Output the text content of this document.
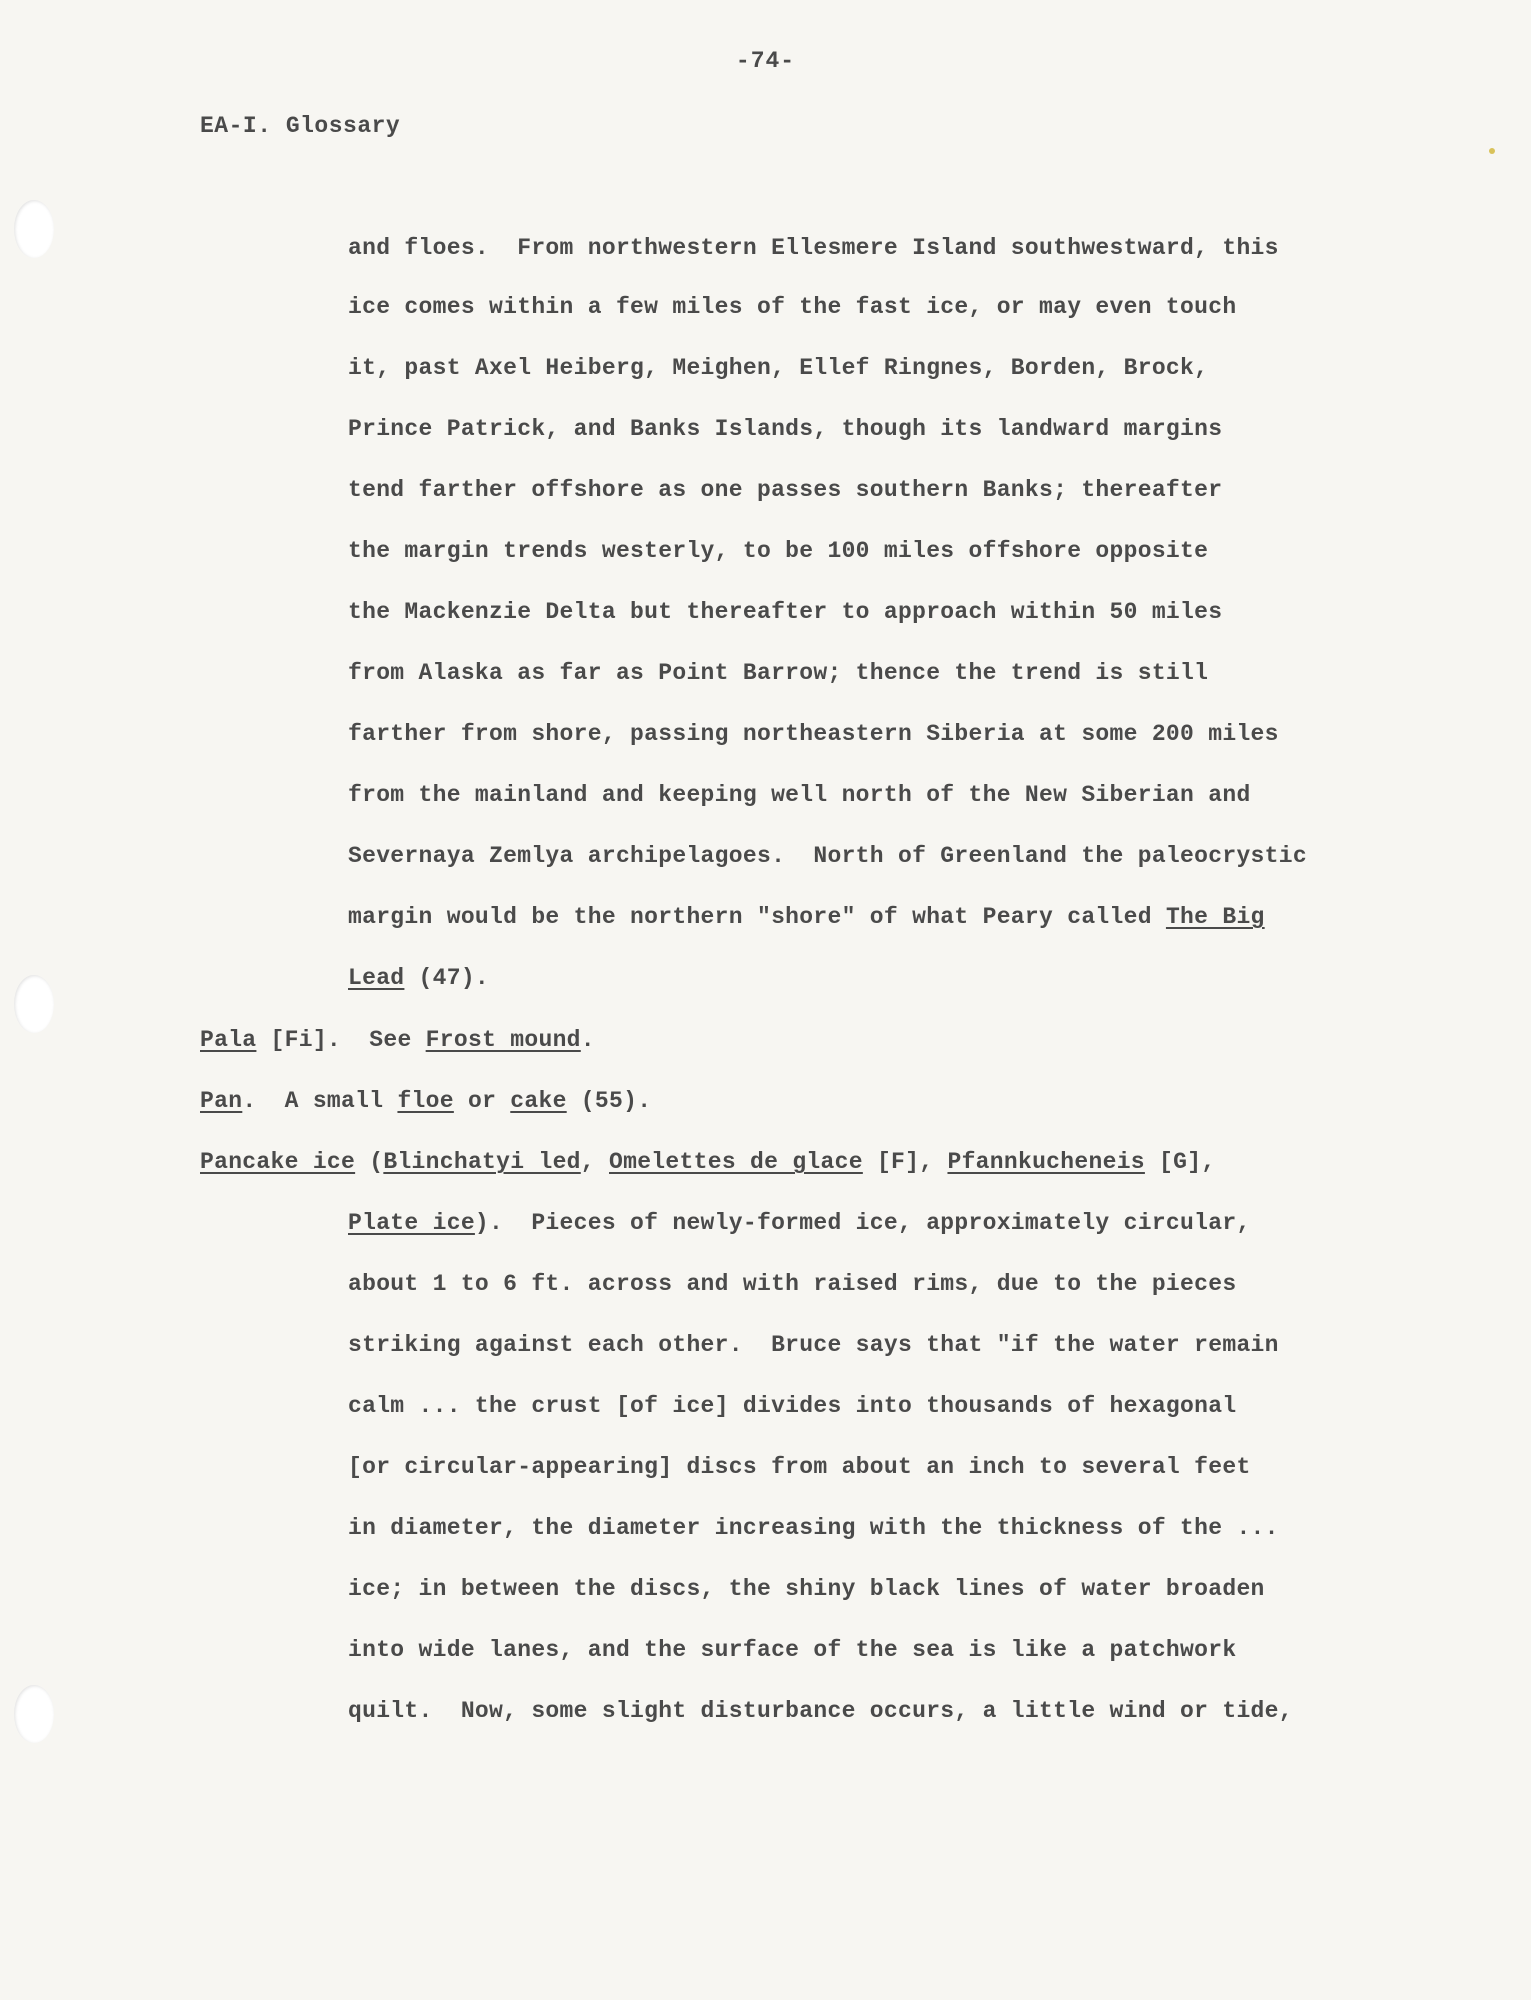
-74-
EA-I. Glossary
and floes.  From northwestern Ellesmere Island southwestward, this
ice comes within a few miles of the fast ice, or may even touch
it, past Axel Heiberg, Meighen, Ellef Ringnes, Borden, Brock,
Prince Patrick, and Banks Islands, though its landward margins
tend farther offshore as one passes southern Banks; thereafter
the margin trends westerly, to be 100 miles offshore opposite
the Mackenzie Delta but thereafter to approach within 50 miles
from Alaska as far as Point Barrow; thence the trend is still
farther from shore, passing northeastern Siberia at some 200 miles
from the mainland and keeping well north of the New Siberian and
Severnaya Zemlya archipelagoes.  North of Greenland the paleocrystic
margin would be the northern "shore" of what Peary called The Big
Lead (47).
Pala [Fi].  See Frost mound.
Pan.  A small floe or cake (55).
Pancake ice (Blinchatyi led, Omelettes de glace [F], Pfannkucheneis [G],
Plate ice).  Pieces of newly-formed ice, approximately circular,
about 1 to 6 ft. across and with raised rims, due to the pieces
striking against each other.  Bruce says that "if the water remain
calm ... the crust [of ice] divides into thousands of hexagonal
[or circular-appearing] discs from about an inch to several feet
in diameter, the diameter increasing with the thickness of the ...
ice; in between the discs, the shiny black lines of water broaden
into wide lanes, and the surface of the sea is like a patchwork
quilt.  Now, some slight disturbance occurs, a little wind or tide,
